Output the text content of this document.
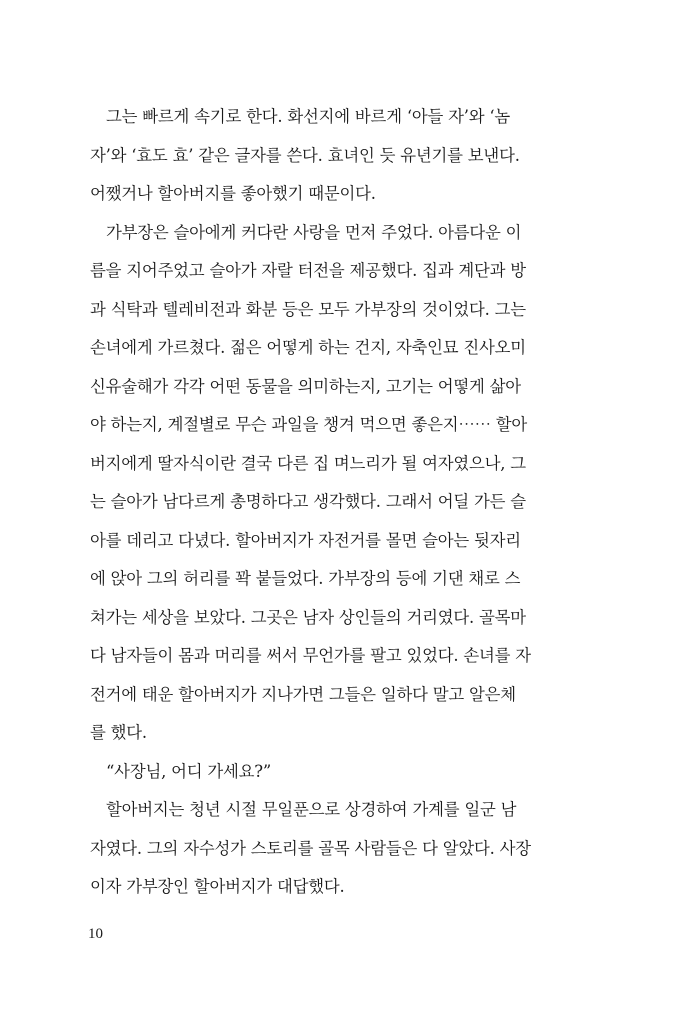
그는 빠르게 속기로 한다. 화선지에 바르게 ‘아들 자’와 ‘놈
자’와 ‘효도 효’ 같은 글자를 쓴다. 효녀인 듯 유년기를 보낸다.
어쨌거나 할아버지를 좋아했기 때문이다.
가부장은 슬아에게 커다란 사랑을 먼저 주었다. 아름다운 이
름을 지어주었고 슬아가 자랄 터전을 제공했다. 집과 계단과 방
과 식탁과 텔레비전과 화분 등은 모두 가부장의 것이었다. 그는
손녀에게 가르쳤다. 젊은 어떻게 하는 건지, 자축인묘 진사오미
신유술해가 각각 어떤 동물을 의미하는지, 고기는 어떻게 삶아
야 하는지, 계절별로 무슨 과일을 챙겨 먹으면 좋은지⋯⋯ 할아
버지에게 딸자식이란 결국 다른 집 며느리가 될 여자였으나, 그
는 슬아가 남다르게 총명하다고 생각했다. 그래서 어딜 가든 슬
아를 데리고 다녔다. 할아버지가 자전거를 몰면 슬아는 뒷자리
에 앉아 그의 허리를 꽉 붙들었다. 가부장의 등에 기댄 채로 스
쳐가는 세상을 보았다. 그곳은 남자 상인들의 거리였다. 골목마
다 남자들이 몸과 머리를 써서 무언가를 팔고 있었다. 손녀를 자
전거에 태운 할아버지가 지나가면 그들은 일하다 말고 알은체
를 했다.
“사장님, 어디 가세요?”
할아버지는 청년 시절 무일푼으로 상경하여 가계를 일군 남
자였다. 그의 자수성가 스토리를 골목 사람들은 다 알았다. 사장
이자 가부장인 할아버지가 대답했다.
10
